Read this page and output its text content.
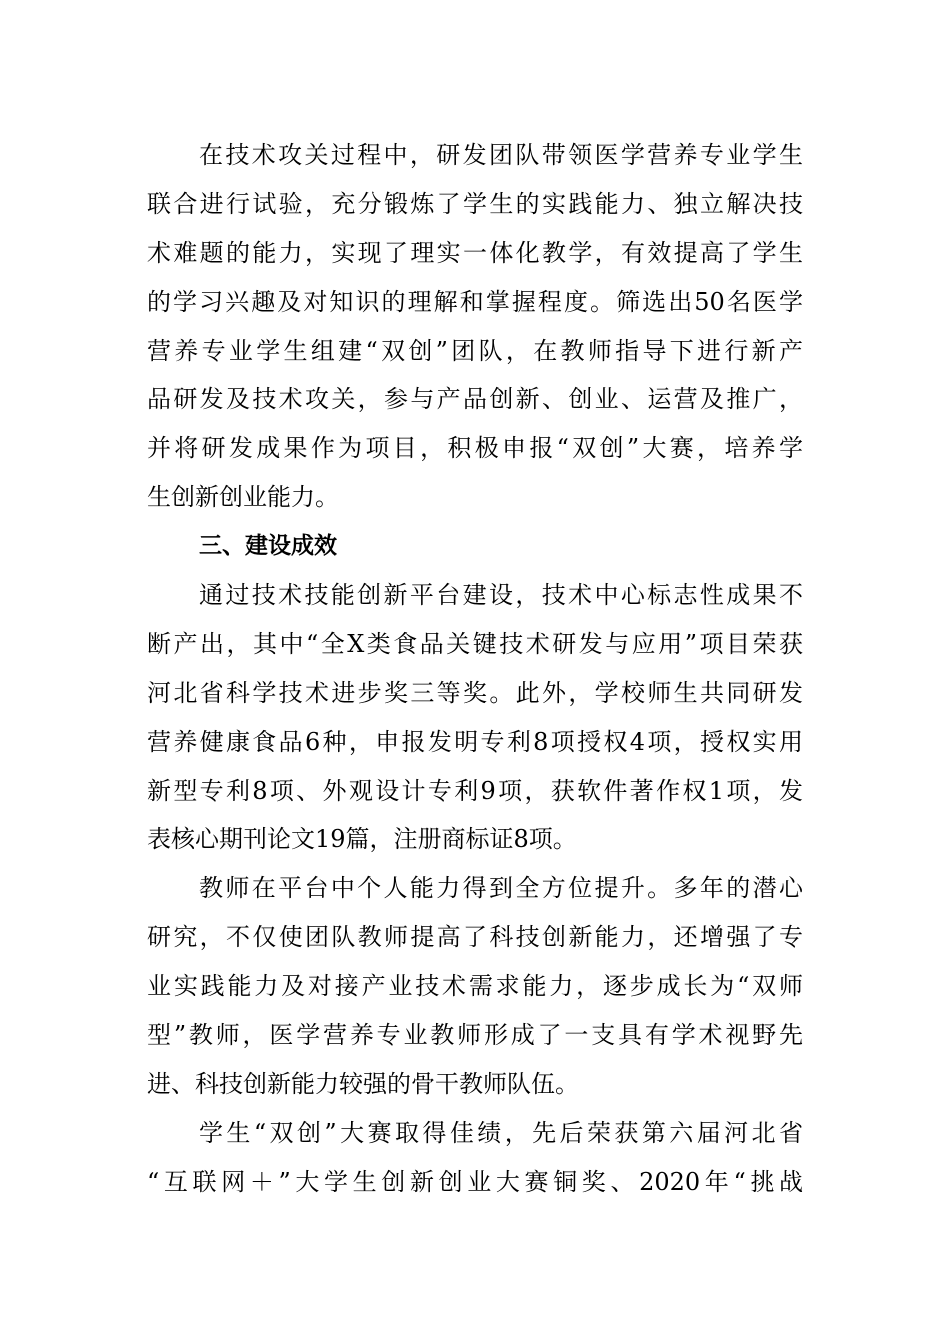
在技术攻关过程中，研发团队带领医学营养专业学生
联合进行试验，充分锻炼了学生的实践能力、独立解决技
术难题的能力，实现了理实一体化教学，有效提高了学生
的学习兴趣及对知识的理解和掌握程度。筛选出50名医学
营养专业学生组建“双创”团队，在教师指导下进行新产
品研发及技术攻关，参与产品创新、创业、运营及推广，
并将研发成果作为项目，积极申报“双创”大赛，培养学
生创新创业能力。
三、建设成效
通过技术技能创新平台建设，技术中心标志性成果不
断产出，其中“全X类食品关键技术研发与应用”项目荣获
河北省科学技术进步奖三等奖。此外，学校师生共同研发
营养健康食品6种，申报发明专利8项授权4项，授权实用
新型专利8项、外观设计专利9项，获软件著作权1项，发
表核心期刊论文19篇，注册商标证8项。
教师在平台中个人能力得到全方位提升。多年的潜心
研究，不仅使团队教师提高了科技创新能力，还增强了专
业实践能力及对接产业技术需求能力，逐步成长为“双师
型”教师，医学营养专业教师形成了一支具有学术视野先
进、科技创新能力较强的骨干教师队伍。
学生“双创”大赛取得佳绩，先后荣获第六届河北省
“互联网＋”大学生创新创业大赛铜奖、2020年“挑战
